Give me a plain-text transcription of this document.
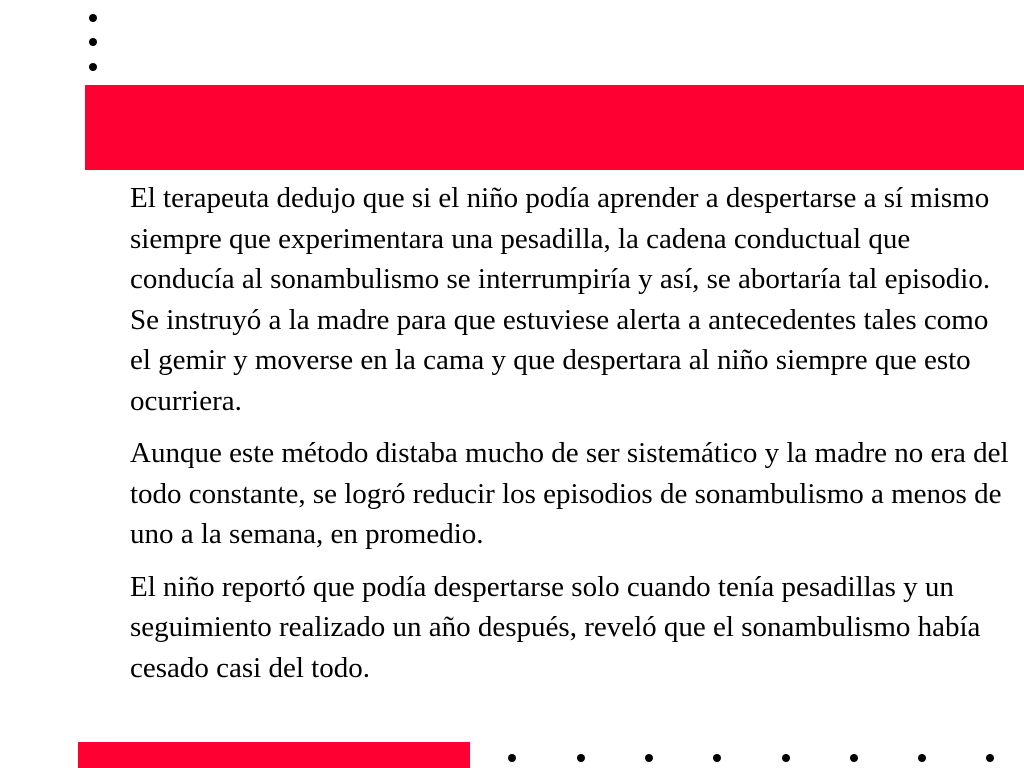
El terapeuta dedujo que si el niño podía aprender a despertarse a sí mismo siempre que experimentara una pesadilla, la cadena conductual que conducía al sonambulismo se interrumpiría y así, se abortaría tal episodio. Se instruyó a la madre para que estuviese alerta a antecedentes tales como el gemir y moverse en la cama y que despertara al niño siempre que esto ocurriera.

Aunque este método distaba mucho de ser sistemático y la madre no era del todo constante, se logró reducir los episodios de sonambulismo a menos de uno a la semana, en promedio.

El niño reportó que podía despertarse solo cuando tenía pesadillas y un seguimiento realizado un año después, reveló que el sonambulismo había cesado casi del todo.
